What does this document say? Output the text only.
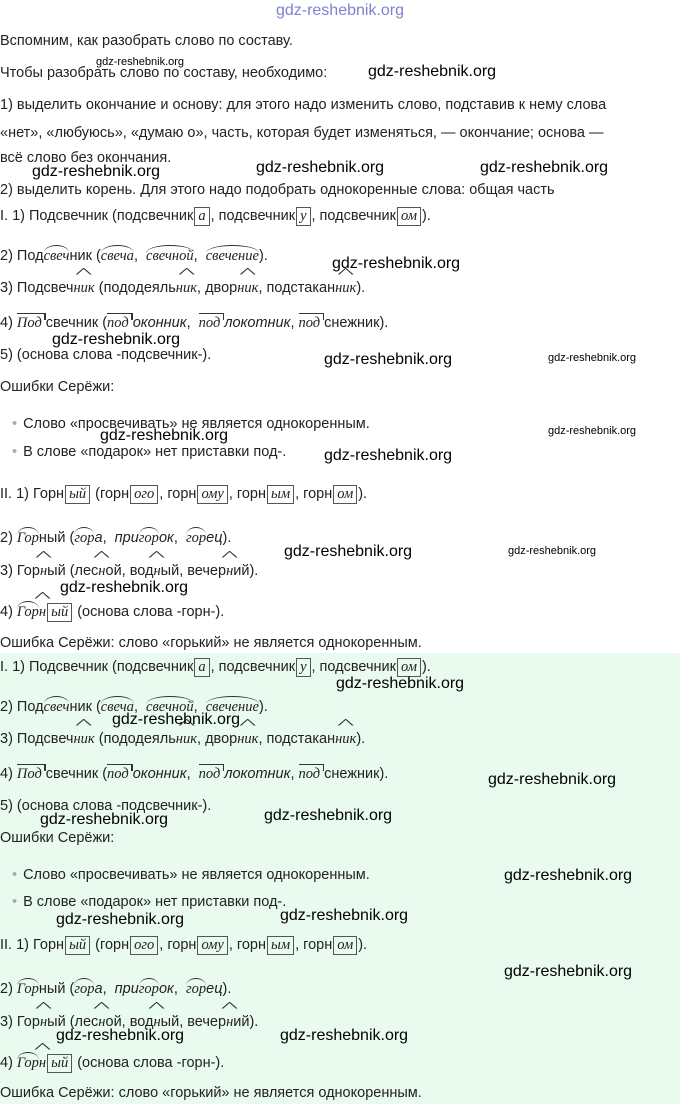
gdz-reshebnik.org
Вспомним, как разобрать слово по составу.
Чтобы разобрать слово по составу, необходимо:
1) выделить окончание и основу: для этого надо изменить слово, подставив к нему слова
«нет», «любуюсь», «думаю о», часть, которая будет изменяться, — окончание; основа —
всё слово без окончания.
2) выделить корень. Для этого надо подобрать однокоренные слова: общая часть
I. 1) Подсвечник (подсвечник а , подсвечник у , подсвечник ом ).
2) Подсвечник (свеча,  свечной,  свечение).
3) Подсвеч^ ник (пододеяль^ ник, двор^ ник, подстакан^ ник).
4) Под свечник (под оконник,  под локотник, под снежник).
5) (основа слова -подсвечник-).
Ошибки Серёжи:
• Слово «просвечивать» не является однокоренным.
• В слове «подарок» нет приставки под-.
II. 1) Горн ый (горн ого , горн ому , горн ым , горн ом ).
2) Горный (гора,  пригорок,  горец).
3) Гор^ ный (лес^ ной, вод^ ный, вечер^ ний).
4) Гор^ н ый (основа слова -горн-).
Ошибка Серёжи: слово «горький» не является однокоренным.
I. 1) Подсвечник (подсвечник а , подсвечник у , подсвечник ом ).
2) Подсвечник (свеча,  свечной,  свечение).
3) Подсвеч^ ник (пододеяль^ ник, двор^ ник, подстакан^ ник).
4) Под свечник (под оконник,  под локотник, под снежник).
5) (основа слова -подсвечник-).
Ошибки Серёжи:
• Слово «просвечивать» не является однокоренным.
• В слове «подарок» нет приставки под-.
II. 1) Горн ый (горн ого , горн ому , горн ым , горн ом ).
2) Горный (гора,  пригорок,  горец).
3) Гор^ ный (лес^ ной, вод^ ный, вечер^ ний).
4) Гор^ н ый (основа слова -горн-).
Ошибка Серёжи: слово «горький» не является однокоренным.
gdz-reshebnik.org
gdz-reshebnik.org
gdz-reshebnik.org	gdz-reshebnik.org	gdz-reshebnik.org
gdz-reshebnik.org
gdz-reshebnik.org
gdz-reshebnik.org	gdz-reshebnik.org
gdz-reshebnik.org	gdz-reshebnik.org
gdz-reshebnik.org
gdz-reshebnik.org	gdz-reshebnik.org
gdz-reshebnik.org
gdz-reshebnik.org
gdz-reshebnik.org
gdz-reshebnik.org
gdz-reshebnik.org	gdz-reshebnik.org
gdz-reshebnik.org
gdz-reshebnik.org
gdz-reshebnik.org
gdz-reshebnik.org
gdz-reshebnik.org	gdz-reshebnik.org
